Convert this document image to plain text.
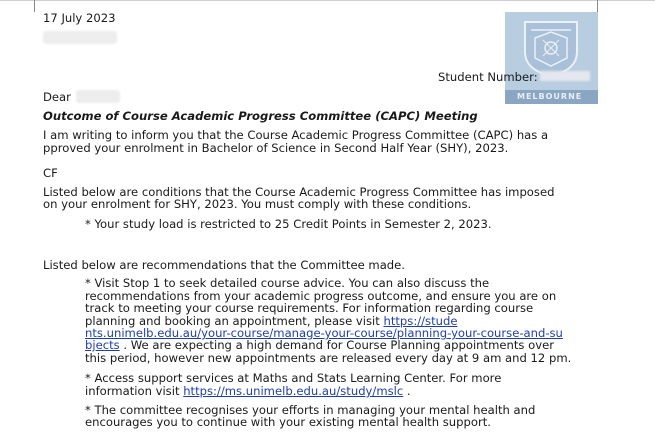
17 July 2023
MELBOURNE
Student Number:
Dear
Outcome of Course Academic Progress Committee (CAPC) Meeting
I am writing to inform you that the Course Academic Progress Committee (CAPC) has a
pproved your enrolment in Bachelor of Science in Second Half Year (SHY), 2023.
CF
Listed below are conditions that the Course Academic Progress Committee has imposed
on your enrolment for SHY, 2023. You must comply with these conditions.
* Your study load is restricted to 25 Credit Points in Semester 2, 2023.
Listed below are recommendations that the Committee made.
* Visit Stop 1 to seek detailed course advice. You can also discuss the
recommendations from your academic progress outcome, and ensure you are on
track to meeting your course requirements. For information regarding course
planning and booking an appointment, please visit https://stude
nts.unimelb.edu.au/your-course/manage-your-course/planning-your-course-and-su
bjects . We are expecting a high demand for Course Planning appointments over
this period, however new appointments are released every day at 9 am and 12 pm.
* Access support services at Maths and Stats Learning Center. For more
information visit https://ms.unimelb.edu.au/study/mslc .
* The committee recognises your efforts in managing your mental health and
encourages you to continue with your existing mental health support.
